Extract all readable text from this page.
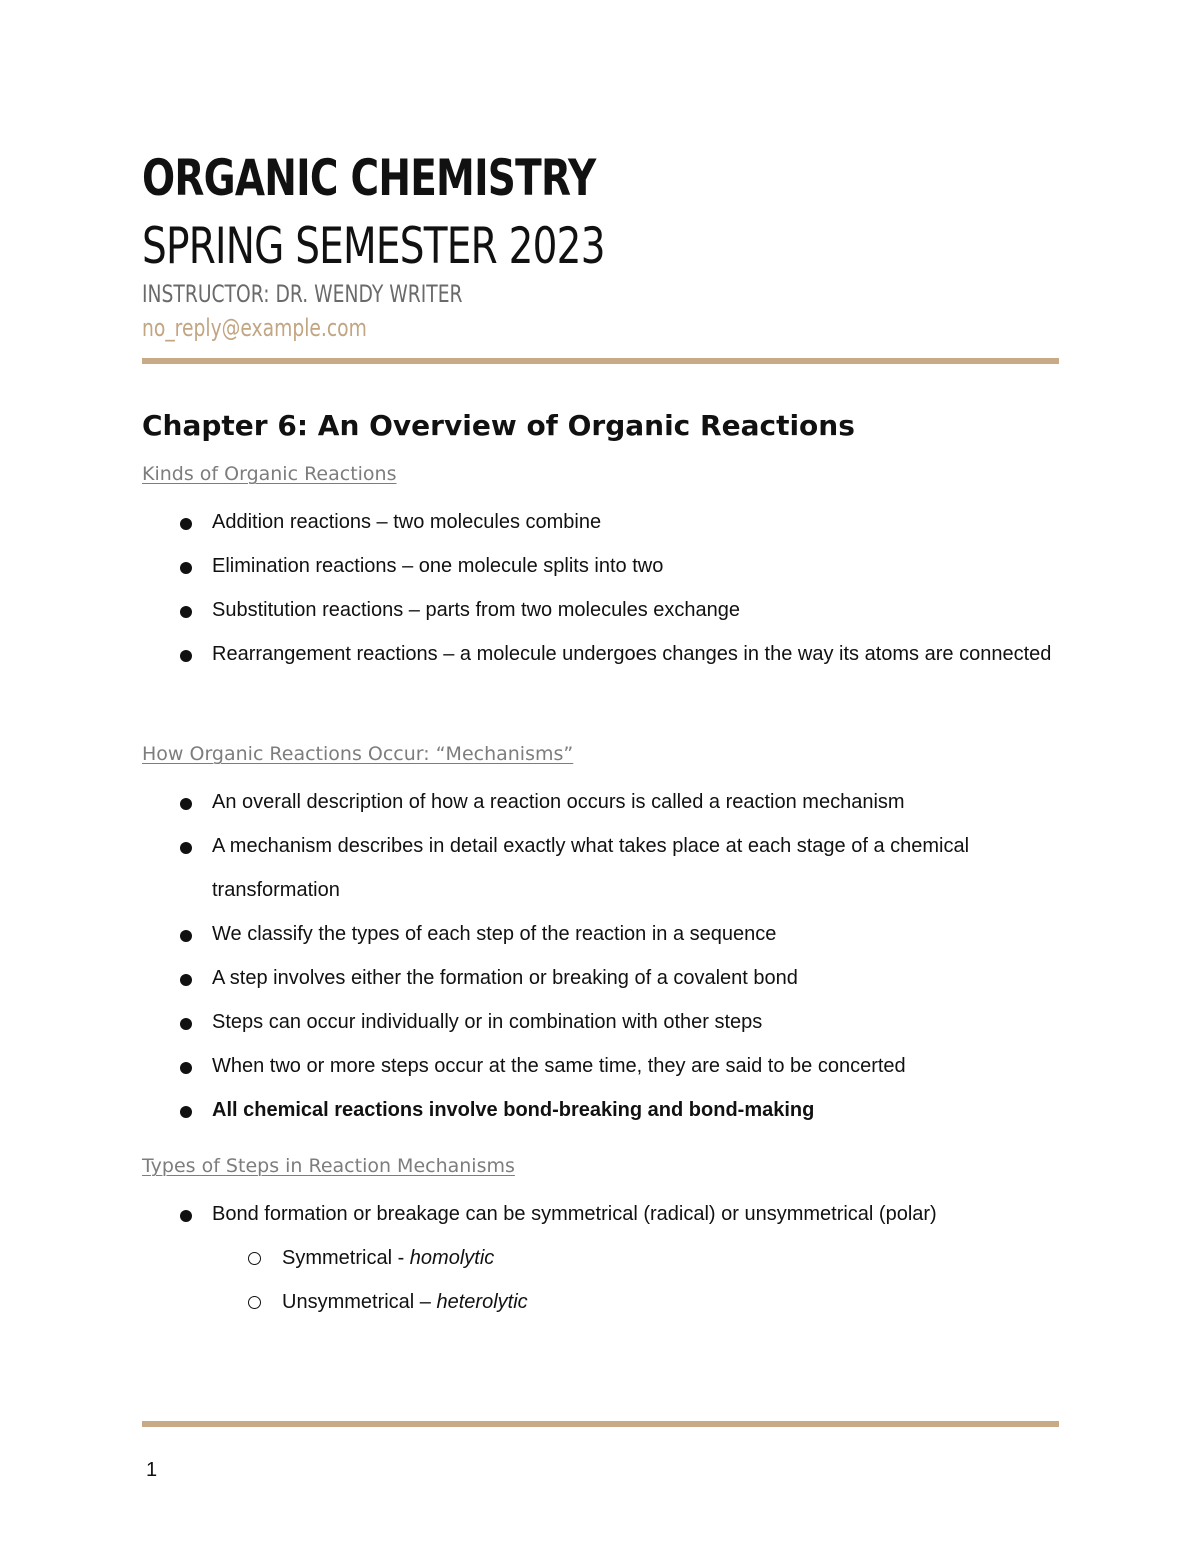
ORGANIC CHEMISTRY
SPRING SEMESTER 2023
INSTRUCTOR: DR. WENDY WRITER
no_reply@example.com
Chapter 6: An Overview of Organic Reactions
Kinds of Organic Reactions
Addition reactions – two molecules combine
Elimination reactions – one molecule splits into two
Substitution reactions – parts from two molecules exchange
Rearrangement reactions – a molecule undergoes changes in the way its atoms are connected
How Organic Reactions Occur: “Mechanisms”
An overall description of how a reaction occurs is called a reaction mechanism
A mechanism describes in detail exactly what takes place at each stage of a chemical transformation
We classify the types of each step of the reaction in a sequence
A step involves either the formation or breaking of a covalent bond
Steps can occur individually or in combination with other steps
When two or more steps occur at the same time, they are said to be concerted
All chemical reactions involve bond-breaking and bond-making
Types of Steps in Reaction Mechanisms
Bond formation or breakage can be symmetrical (radical) or unsymmetrical (polar)
Symmetrical - homolytic
Unsymmetrical – heterolytic
1
